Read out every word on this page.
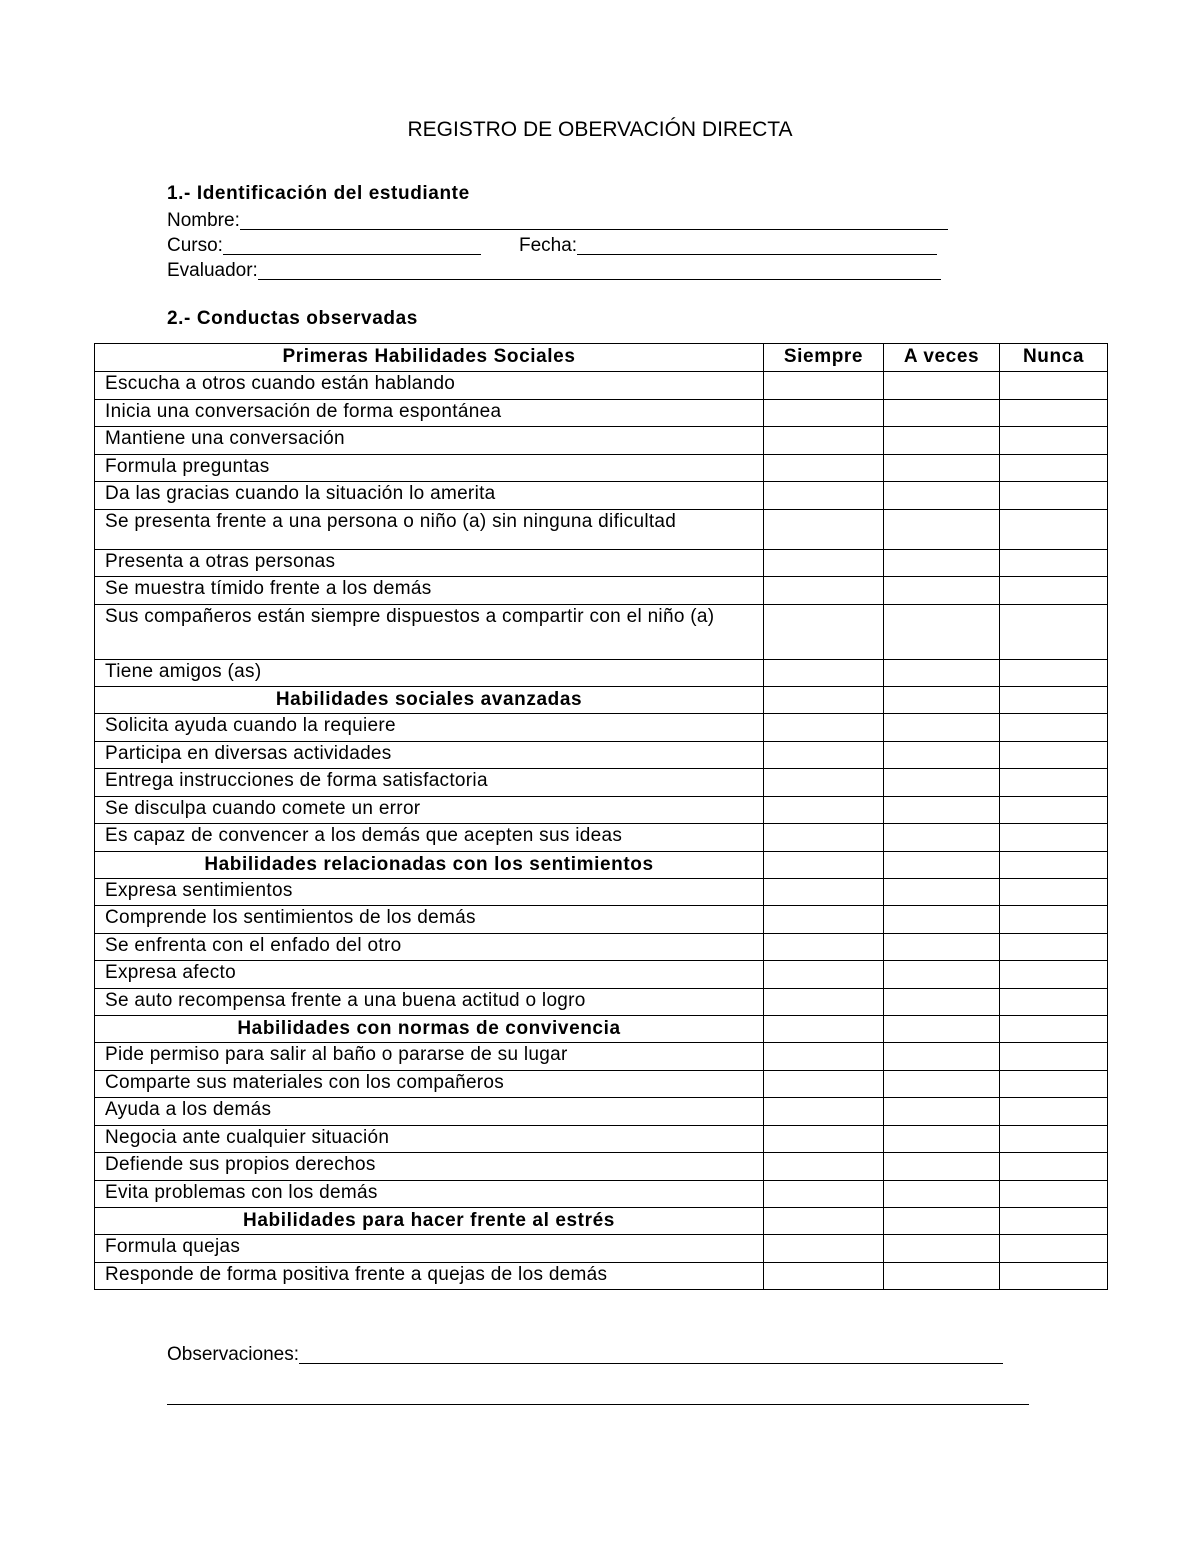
REGISTRO DE OBERVACIÓN DIRECTA
1.- Identificación del estudiante
Nombre:
Curso:	Fecha:
Evaluador:
2.- Conductas observadas
Primeras Habilidades Sociales	Siempre	A veces	Nunca
Escucha a otros cuando están hablando			
Inicia una conversación de forma espontánea			
Mantiene una conversación			
Formula preguntas			
Da las gracias cuando la situación lo amerita			
Se presenta frente a una persona o niño (a) sin ninguna dificultad			
Presenta a otras personas			
Se muestra tímido frente a los demás			
Sus compañeros están siempre dispuestos a compartir con el niño (a)			
Tiene amigos (as)			
Habilidades sociales avanzadas			
Solicita ayuda cuando la requiere			
Participa en diversas actividades			
Entrega instrucciones de forma satisfactoria			
Se disculpa cuando comete un error			
Es capaz de convencer a los demás que acepten sus ideas			
Habilidades relacionadas con los sentimientos			
Expresa sentimientos			
Comprende los sentimientos de los demás			
Se enfrenta con el enfado del otro			
Expresa afecto			
Se auto recompensa frente a una buena actitud o logro			
Habilidades con normas de convivencia			
Pide permiso para salir al baño o pararse de su lugar			
Comparte sus materiales con los compañeros			
Ayuda a los demás			
Negocia ante cualquier situación			
Defiende sus propios derechos			
Evita problemas con los demás			
Habilidades para hacer frente al estrés			
Formula quejas			
Responde de forma positiva frente a quejas de los demás			
Observaciones:
